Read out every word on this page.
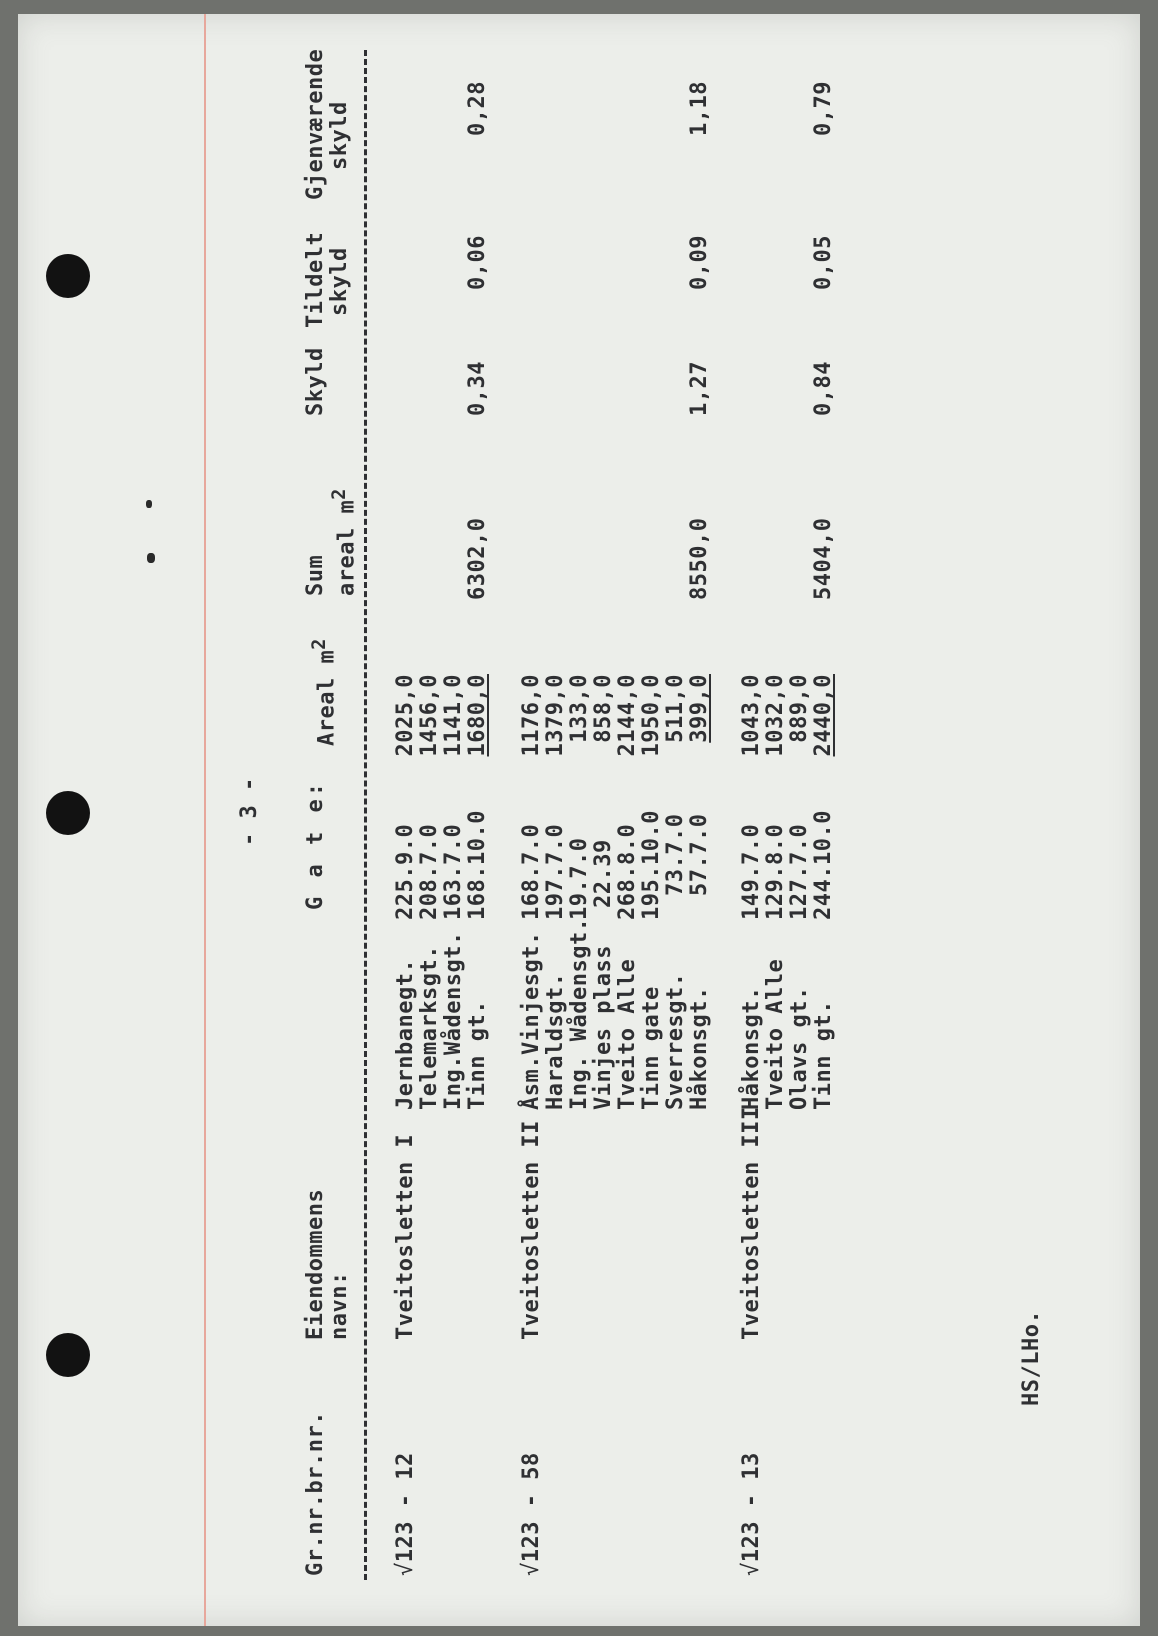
Gr.nr.br.nr.
Eiendommens navn:
G a t e:
Areal $m^2$
Sum areal $m^2$
Skyld
Tildelt skyld
Gjenværende skyld
- 3 -
√123 - 12
Tveitosletten I
Jernbanegt. Telemarksgt. Ing.Wådensgt. Tinn gt.
225.9.0 208.7.0 163.7.0 168.10.0
2025,0 1456,0 1141,0 1680,0
6302,0
0,34
0,06
0,28
√123 - 58
Tveitosletten II
Åsm.Vinjesgt. Haraldsgt. Ing. Wådensgt. Vinjes plass Tveito Alle Tinn gate Sverresgt. Håkonsgt.
168.7.0 197.7.0 19.7.0 22.39 268.8.0 195.10.0 73.7.0 57.7.0
1176,0 1379,0 133,0 858,0 2144,0 1950,0 511,0 399,0
8550,0
1,27
0,09
1,18
√123 - 13
Tveitosletten III
Håkonsgt. Tveito Alle Olavs gt. Tinn gt.
149.7.0 129.8.0 127.7.0 244.10.0
1043,0 1032,0 889,0 2440,0
5404,0
0,84
0,05
0,79
HS/LHo.
